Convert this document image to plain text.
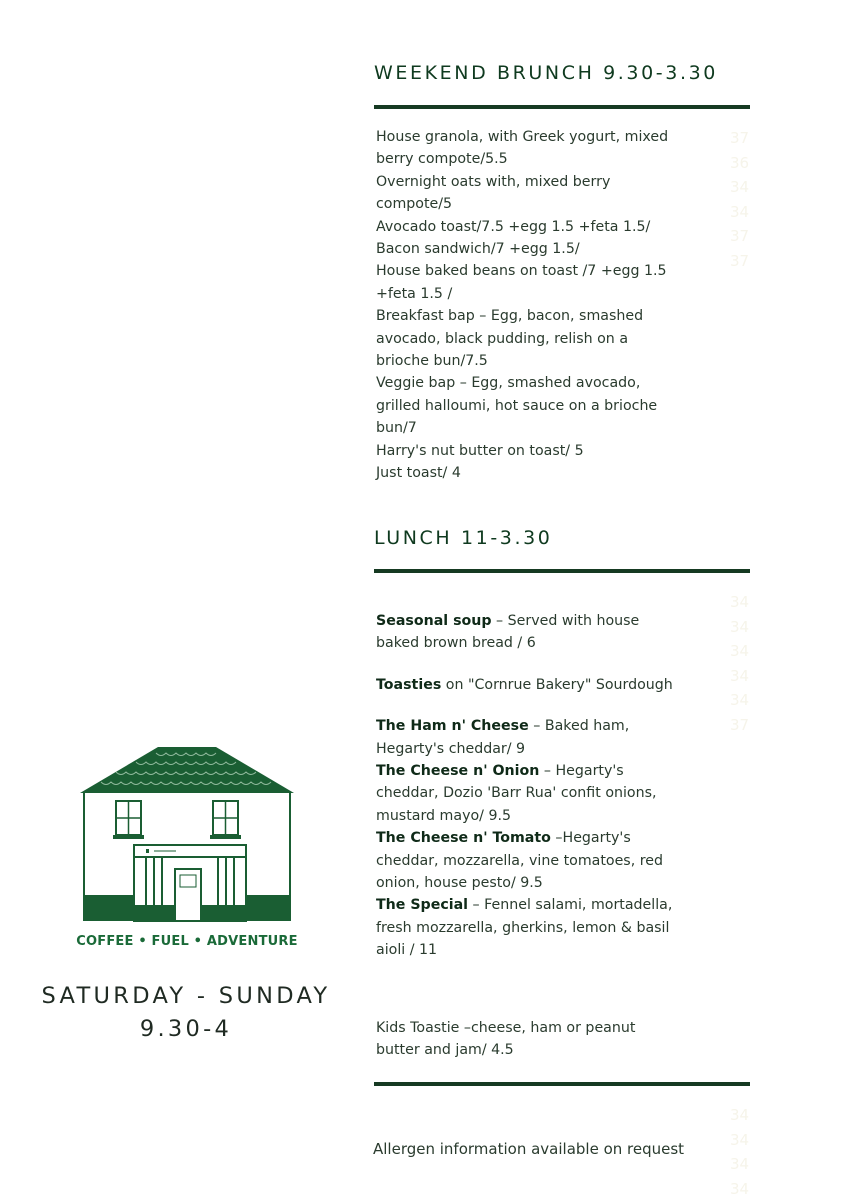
WEEKEND BRUNCH 9.30-3.30
House granola, with Greek yogurt, mixed berry compote/5.5
Overnight oats with, mixed berry compote/5
Avocado toast/7.5 +egg 1.5 +feta 1.5/
Bacon sandwich/7 +egg 1.5/
House baked beans on toast /7 +egg 1.5 +feta 1.5 /
Breakfast bap – Egg, bacon, smashed avocado, black pudding, relish on a brioche bun/7.5
Veggie bap – Egg, smashed avocado, grilled halloumi, hot sauce on a brioche bun/7
Harry's nut butter on toast/ 5
Just toast/ 4
37
36
34
34
37
37
34
34
34
34
34
37
34
34
34
34
LUNCH 11-3.30
Seasonal soup – Served with house baked brown bread / 6
Toasties on "Cornrue Bakery" Sourdough
The Ham n' Cheese – Baked ham, Hegarty's cheddar/ 9
The Cheese n' Onion – Hegarty's cheddar, Dozio 'Barr Rua' confit onions, mustard mayo/ 9.5
The Cheese n' Tomato –Hegarty's cheddar, mozzarella, vine tomatoes, red onion, house pesto/ 9.5
The Special – Fennel salami, mortadella, fresh mozzarella, gherkins, lemon & basil aioli / 11
Kids Toastie –cheese, ham or peanut butter and jam/ 4.5
Allergen information available on request
COFFEE • FUEL • ADVENTURE
SATURDAY - SUNDAY
9.30-4
